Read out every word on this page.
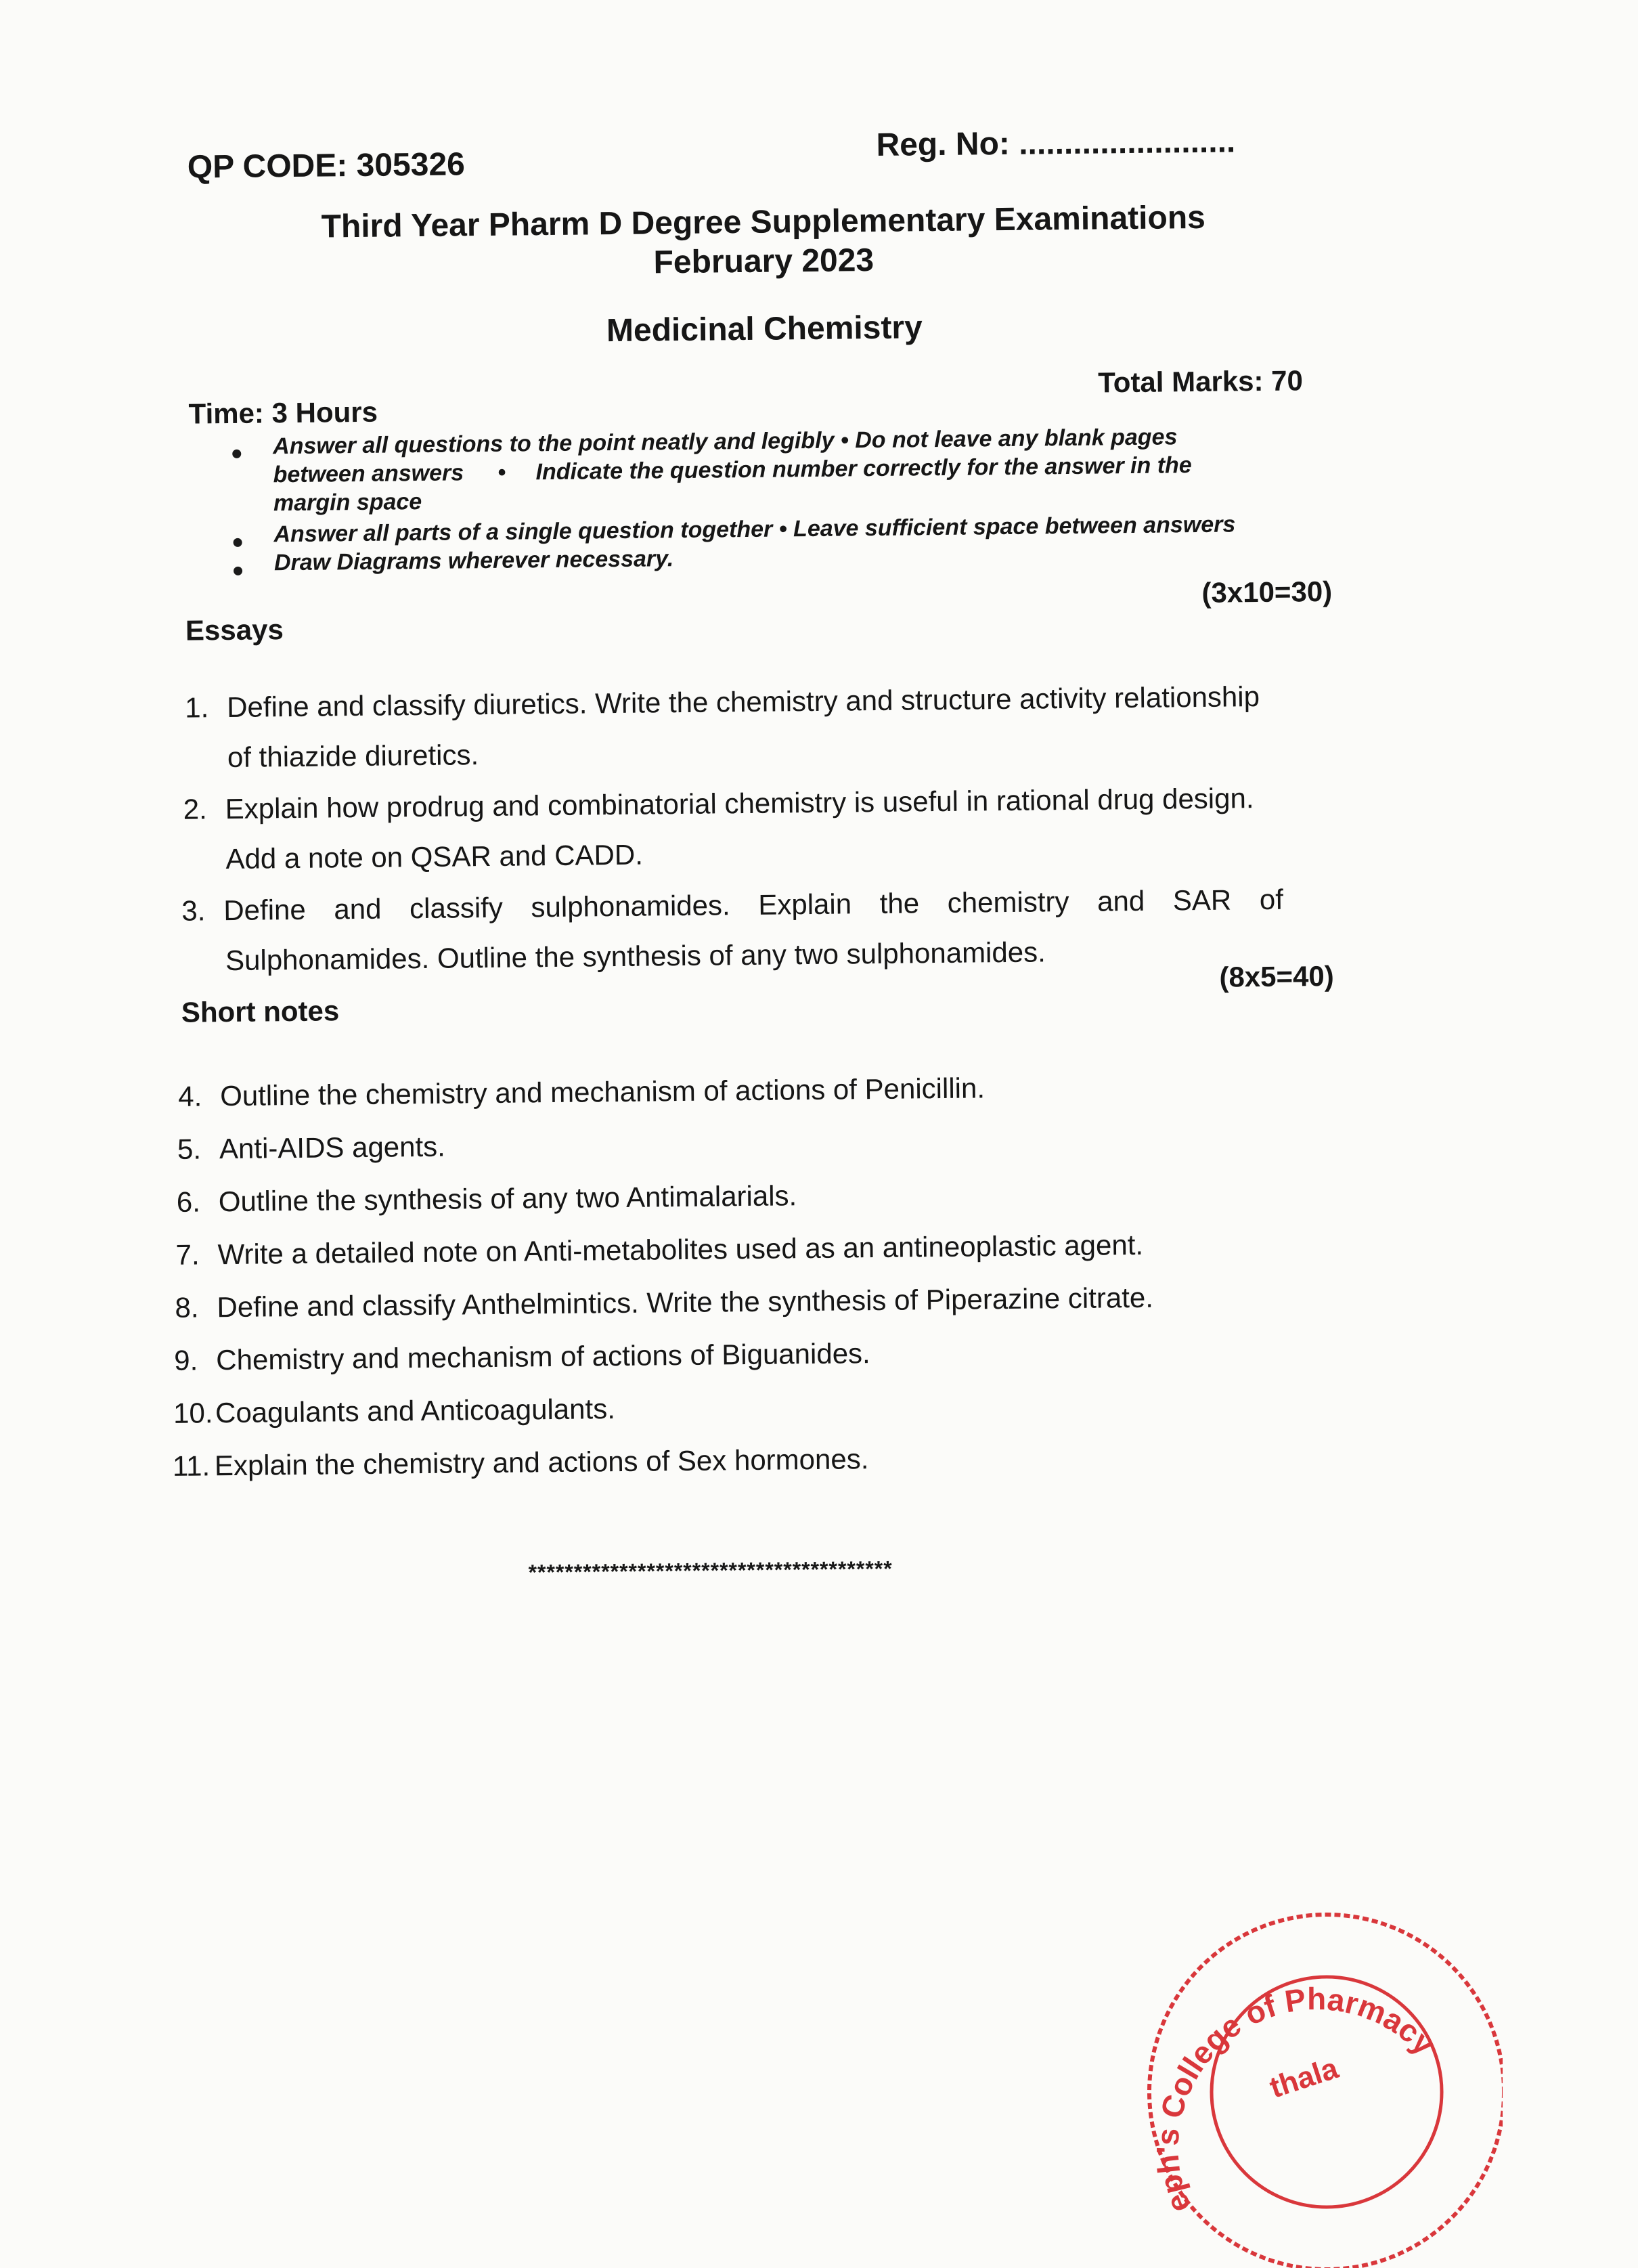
QP CODE: 305326
Reg. No: ........................
Third Year Pharm D Degree Supplementary Examinations
February 2023
Medicinal Chemistry
Time: 3 Hours
Total Marks: 70
Answer all questions to the point neatly and legibly • Do not leave any blank pages
between answers • Indicate the question number correctly for the answer in the
margin space
Answer all parts of a single question together • Leave sufficient space between answers
Draw Diagrams wherever necessary.
Essays
(3x10=30)
1. Define and classify diuretics. Write the chemistry and structure activity relationship
of thiazide diuretics.
2. Explain how prodrug and combinatorial chemistry is useful in rational drug design.
Add a note on QSAR and CADD.
3. Define and classify sulphonamides. Explain the chemistry and SAR of
Sulphonamides. Outline the synthesis of any two sulphonamides.
Short notes
(8x5=40)
4. Outline the chemistry and mechanism of actions of Penicillin.
5. Anti-AIDS agents.
6. Outline the synthesis of any two Antimalarials.
7. Write a detailed note on Anti-metabolites used as an antineoplastic agent.
8. Define and classify Anthelmintics. Write the synthesis of Piperazine citrate.
9. Chemistry and mechanism of actions of Biguanides.
10.Coagulants and Anticoagulants.
11. Explain the chemistry and actions of Sex hormones.
****************************************
eph's College of Pharmacy
thala
